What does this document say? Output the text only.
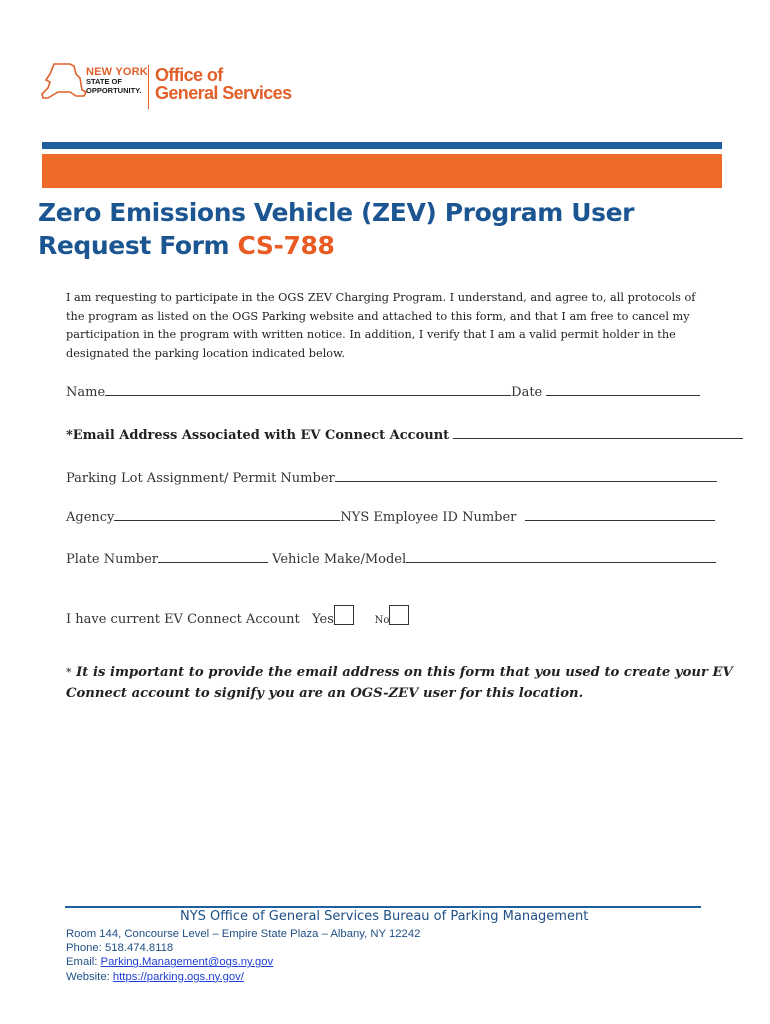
NEW YORK
STATE OF
OPPORTUNITY.
Office of
General Services
Zero Emissions Vehicle (ZEV) Program User
Request Form CS-788
I am requesting to participate in the OGS ZEV Charging Program. I understand, and agree to, all protocols of the program as listed on the OGS Parking website and attached to this form, and that I am free to cancel my participation in the program with written notice. In addition, I verify that I am a valid permit holder in the designated the parking location indicated below.
Name	Date
*Email Address Associated with EV Connect Account
Parking Lot Assignment/ Permit Number
Agency	NYS Employee ID Number
Plate Number	Vehicle Make/Model
I have current EV Connect Account Yes	No
* It is important to provide the email address on this form that you used to create your EV Connect account to signify you are an OGS-ZEV user for this location.
NYS Office of General Services Bureau of Parking Management
Room 144, Concourse Level – Empire State Plaza – Albany, NY 12242
Phone: 518.474.8118
Email: Parking.Management@ogs.ny.gov
Website: https://parking.ogs.ny.gov/
